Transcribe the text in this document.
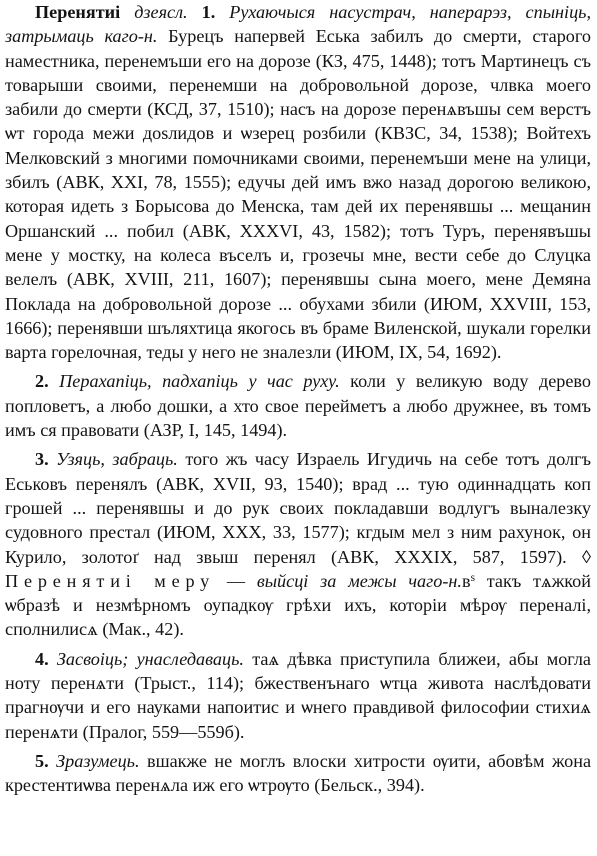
Перенятиi дзеясл. 1. Рухаючыся насустрач, наперарэз, спыніць, затрымаць каго-н. Бурецъ напервей Еська забилъ до смерти, старого наместника, перенемъши его на дорозе (КЗ, 475, 1448); тотъ Мартинецъ съ товарыши своими, перенемши на добровольной дорозе, члвка моего забили до смерти (КСД, 37, 1510); насъ на дорозе перенѧвъшы сем верстъ ѡт города межи доsлидов и ѡзерец розбили (КВЗС, 34, 1538); Войтехъ Мелковский з многими помочниками своими, перенемъши мене на улици, збилъ (АВК, XXI, 78, 1555); едучы дей имъ вжо назад дорогою великою, которая идеть з Борысова до Менска, там дей их перенявшы ... мещанин Оршанский ... побил (АВК, XXXVI, 43, 1582); тотъ Туръ, перенявъшы мене у мостку, на колеса въселъ и, грозечы мне, вести себе до Слуцка велелъ (АВК, XVIII, 211, 1607); перенявшы сына моего, мене Демяна Поклада на добровольной дорозе ... обухами збили (ИЮМ, XXVIII, 153, 1666); перенявши шъляхтица якогось въ браме Виленской, шукали горелки варта горелочная, теды у него не зналезли (ИЮМ, IX, 54, 1692).

2. Перахапіць, падхапіць у час руху. коли у великую воду дерево попловетъ, а любо дошки, а хто свое перейметъ а любо дружнее, въ томъ имъ ся правовати (АЗР, I, 145, 1494).

3. Узяць, забраць. того жъ часу Израель Игудичь на себе тотъ долгъ Еськовъ перенялъ (АВК, XVII, 93, 1540); врад ... тую одиннадцать коп грошей ... перенявшы и до рук своих покладавши водлугъ выналезку судовного престал (ИЮМ, XXX, 33, 1577); кгдым мел з ним рахунок, он Курило, золотоґ над звыш перенял (АВК, XXXIX, 587, 1597). ◊ Перенятиi меру — выйсці за межы чаго-$н.в^s$ такъ тѧжкой ѡбразѣ и незмѣрномъ оупадкѹ грѣхи ихъ, которiи мѣрѹ переналi, сполнилисѧ (Мак., 42).

4. Засвоіць; унаследаваць. таѧ дѣвка приступила ближеи, абы могла ноту перенѧти (Трыст., 114); бжественънаго ѡтца живота наслѣдовати прагнѹчи и его науками напоитис и ѡнего правдивой философии стихиѧ перенѧти (Пралог, 559—559б).

5. Зразумець. вшакже не моглъ влоски хитрости ѹити, абовѣм жона крестентиѡва перенѧла иж его ѡтрѹто (Бельск., 394).
